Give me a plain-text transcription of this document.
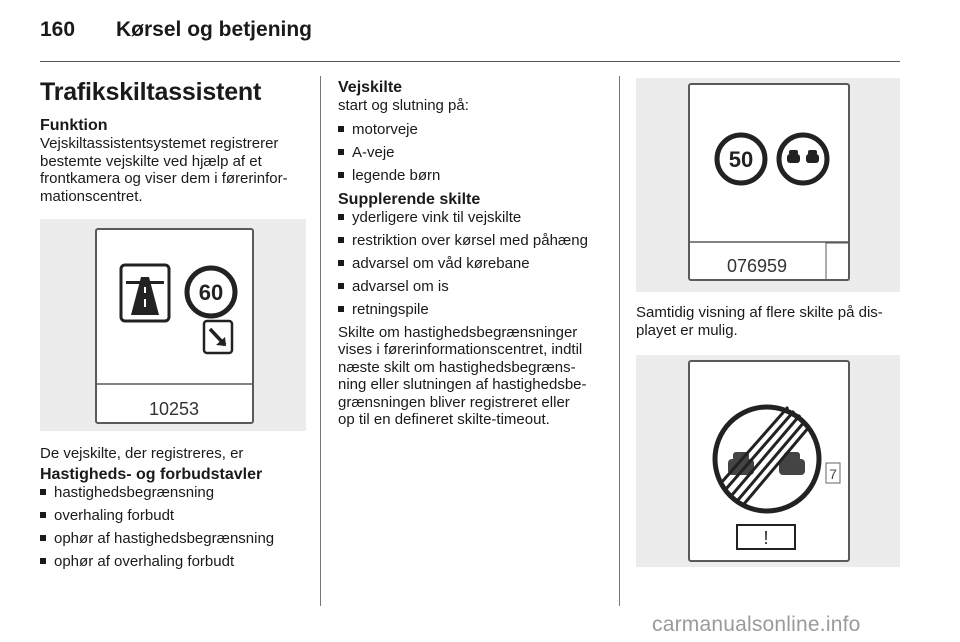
160 Kørsel og betjening
Trafikskiltassistent
Funktion

Vejskiltassistentsystemet registrerer
bestemte vejskilte ved hjælp af et
frontkamera og viser dem i førerinfor-
mationscentret.

60
10253

De vejskilte, der registreres, er

Hastigheds- og forbudstavler
hastighedsbegrænsning
overhaling forbudt
ophør af hastighedsbegrænsning
ophør af overhaling forbudt
Vejskilte

start og slutning på:

motorveje
A-veje
legende børn
Supplerende skilte
yderligere vink til vejskilte
restriktion over kørsel med påhæng
advarsel om våd kørebane
advarsel om is
retningspile

Skilte om hastighedsbegrænsninger
vises i førerinformationscentret, indtil
næste skilt om hastighedsbegræns-
ning eller slutningen af hastighedsbe-
grænsningen bliver registreret eller
op til en defineret skilte-timeout.

50
076959

Samtidig visning af flere skilte på dis-
playet er mulig.

7
!
carmanualsonline.info
